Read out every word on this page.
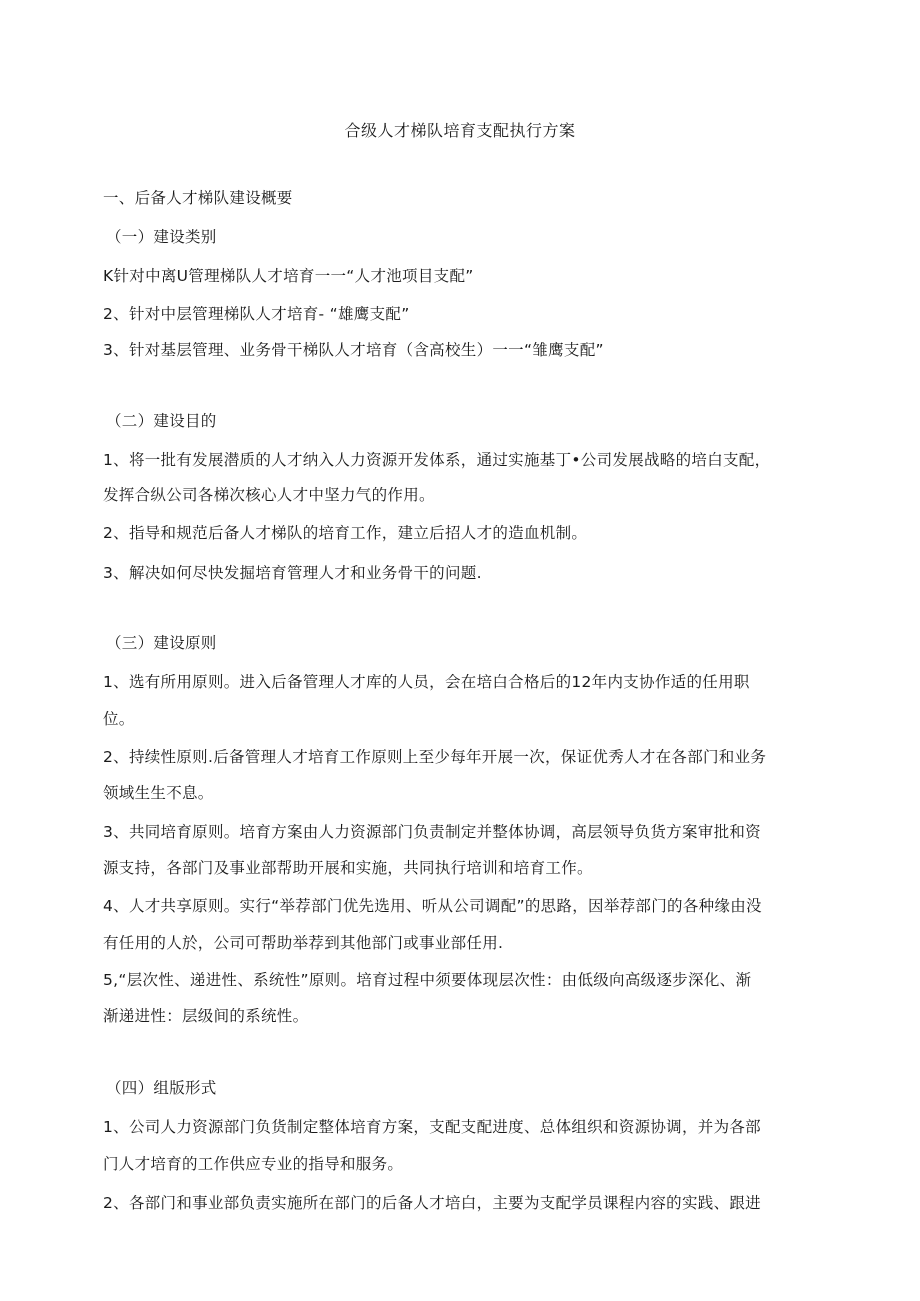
合级人才梯队培育支配执行方案
一、后备人才梯队建设概要
（一）建设类别
K针对中离U管理梯队人才培育一一“人才池项目支配”
2、针对中层管理梯队人才培育- “雄鹰支配”
3、针对基层管理、业务骨干梯队人才培育（含高校生）一一“雏鹰支配”
（二）建设目的
1、将一批有发展潜质的人才纳入人力资源开发体系，通过实施基丁•公司发展战略的培白支配，
发挥合纵公司各梯次核心人才中坚力气的作用。
2、指导和规范后备人才梯队的培育工作，建立后招人才的造血机制。
3、解决如何尽快发掘培育管理人才和业务骨干的问题.
（三）建设原则
1、选有所用原则。进入后备管理人才库的人员，会在培白合格后的12年内支协作适的任用职
位。
2、持续性原则.后备管理人才培育工作原则上至少每年开展一次，保证优秀人才在各部门和业务
领域生生不息。
3、共同培育原则。培育方案由人力资源部门负责制定并整体协调，高层领导负货方案审批和资
源支持，各部门及事业部帮助开展和实施，共同执行培训和培育工作。
4、人才共享原则。实行“举荐部门优先选用、听从公司调配”的思路，因举荐部门的各种缘由没
有任用的人於，公司可帮助举荐到其他部门或事业部任用.
5,“层次性、递进性、系统性”原则。培育过程中须要体现层次性：由低级向高级逐步深化、渐
渐递进性：层级间的系统性。
（四）组版形式
1、公司人力资源部门负货制定整体培育方案，支配支配进度、总体组织和资源协调，并为各部
门人才培育的工作供应专业的指导和服务。
2、各部门和事业部负责实施所在部门的后备人才培白，主要为支配学员课程内容的实践、跟进
